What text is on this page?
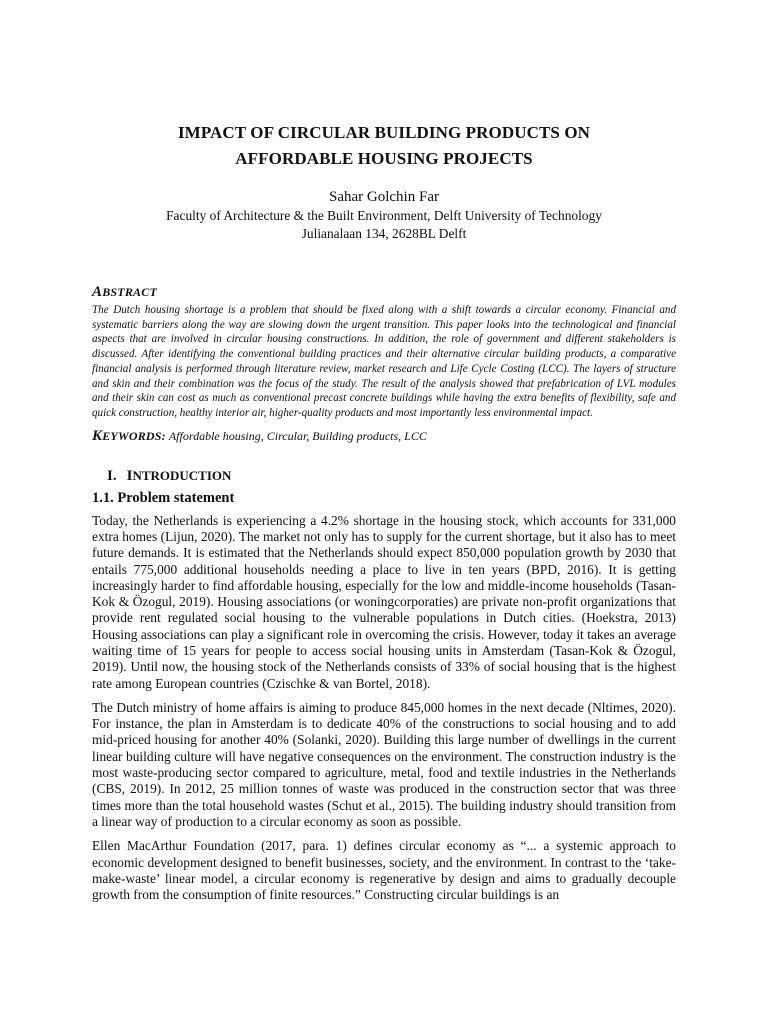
IMPACT OF CIRCULAR BUILDING PRODUCTS ON
AFFORDABLE HOUSING PROJECTS
Sahar Golchin Far
Faculty of Architecture & the Built Environment, Delft University of Technology
Julianalaan 134, 2628BL Delft
ABSTRACT

The Dutch housing shortage is a problem that should be fixed along with a shift towards a circular economy. Financial and systematic barriers along the way are slowing down the urgent transition. This paper looks into the technological and financial aspects that are involved in circular housing constructions. In addition, the role of government and different stakeholders is discussed. After identifying the conventional building practices and their alternative circular building products, a comparative financial analysis is performed through literature review, market research and Life Cycle Costing (LCC). The layers of structure and skin and their combination was the focus of the study. The result of the analysis showed that prefabrication of LVL modules and their skin can cost as much as conventional precast concrete buildings while having the extra benefits of flexibility, safe and quick construction, healthy interior air, higher-quality products and most importantly less environmental impact.

KEYWORDS: Affordable housing, Circular, Building products, LCC
I. INTRODUCTION
1.1. Problem statement

Today, the Netherlands is experiencing a 4.2% shortage in the housing stock, which accounts for 331,000 extra homes (Lijun, 2020). The market not only has to supply for the current shortage, but it also has to meet future demands. It is estimated that the Netherlands should expect 850,000 population growth by 2030 that entails 775,000 additional households needing a place to live in ten years (BPD, 2016). It is getting increasingly harder to find affordable housing, especially for the low and middle-income households (Tasan-Kok & Özogul, 2019). Housing associations (or woningcorporaties) are private non-profit organizations that provide rent regulated social housing to the vulnerable populations in Dutch cities. (Hoekstra, 2013) Housing associations can play a significant role in overcoming the crisis. However, today it takes an average waiting time of 15 years for people to access social housing units in Amsterdam (Tasan-Kok & Özogul, 2019). Until now, the housing stock of the Netherlands consists of 33% of social housing that is the highest rate among European countries (Czischke & van Bortel, 2018).

The Dutch ministry of home affairs is aiming to produce 845,000 homes in the next decade (Nltimes, 2020). For instance, the plan in Amsterdam is to dedicate 40% of the constructions to social housing and to add mid-priced housing for another 40% (Solanki, 2020). Building this large number of dwellings in the current linear building culture will have negative consequences on the environment. The construction industry is the most waste-producing sector compared to agriculture, metal, food and textile industries in the Netherlands (CBS, 2019). In 2012, 25 million tonnes of waste was produced in the construction sector that was three times more than the total household wastes (Schut et al., 2015). The building industry should transition from a linear way of production to a circular economy as soon as possible.

Ellen MacArthur Foundation (2017, para. 1) defines circular economy as “... a systemic approach to economic development designed to benefit businesses, society, and the environment. In contrast to the ‘take-make-waste’ linear model, a circular economy is regenerative by design and aims to gradually decouple growth from the consumption of finite resources.” Constructing circular buildings is an
